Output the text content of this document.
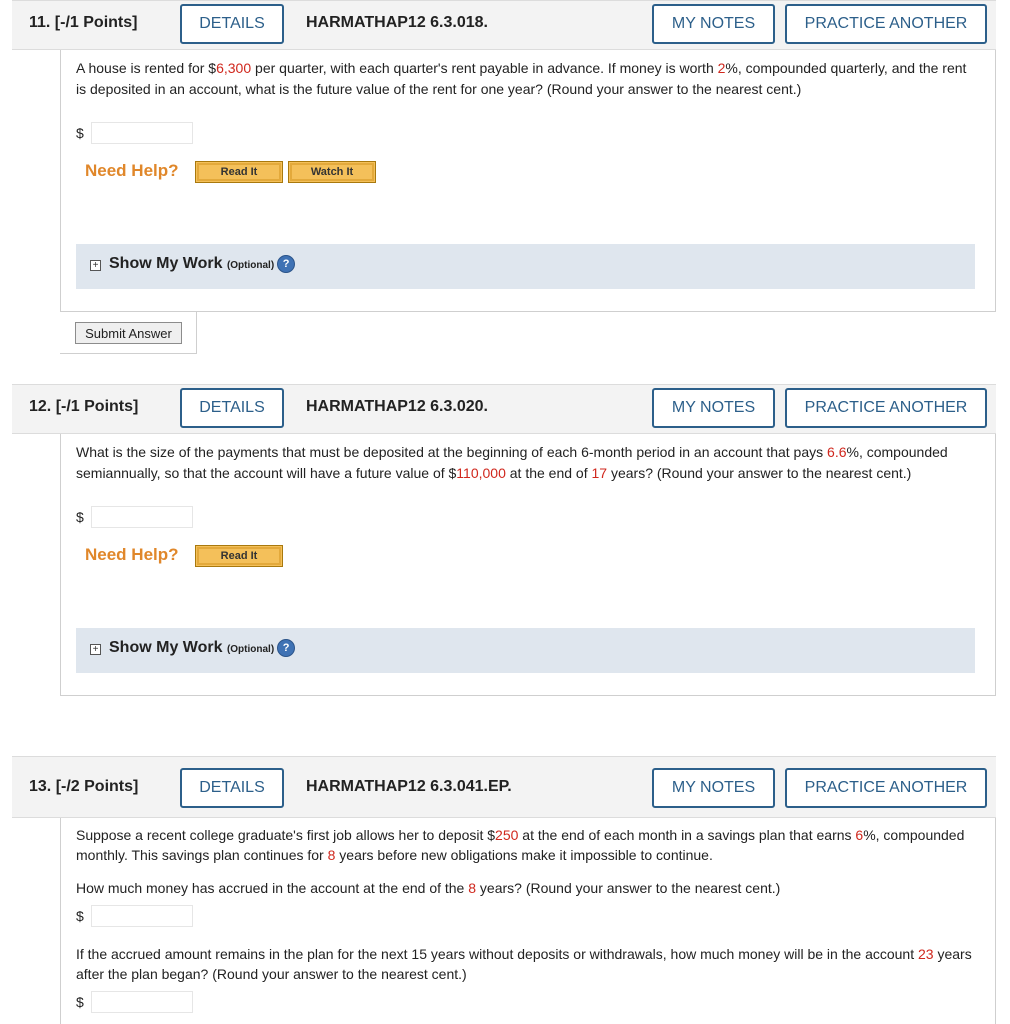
11. [-/1 Points]	DETAILS	HARMATHAP12 6.3.018.	MY NOTES	PRACTICE ANOTHER

A house is rented for $6,300 per quarter, with each quarter's rent payable in advance. If money is worth 2%, compounded quarterly, and the rent is deposited in an account, what is the future value of the rent for one year? (Round your answer to the nearest cent.)

$
Need Help?	Read It	Watch It
+ Show My Work (Optional) ?
Submit Answer
12. [-/1 Points]	DETAILS	HARMATHAP12 6.3.020.	MY NOTES	PRACTICE ANOTHER

What is the size of the payments that must be deposited at the beginning of each 6-month period in an account that pays 6.6%, compounded semiannually, so that the account will have a future value of $110,000 at the end of 17 years? (Round your answer to the nearest cent.)

$
Need Help?	Read It
+ Show My Work (Optional) ?
13. [-/2 Points]	DETAILS	HARMATHAP12 6.3.041.EP.	MY NOTES	PRACTICE ANOTHER

Suppose a recent college graduate's first job allows her to deposit $250 at the end of each month in a savings plan that earns 6%, compounded monthly. This savings plan continues for 8 years before new obligations make it impossible to continue.

How much money has accrued in the account at the end of the 8 years? (Round your answer to the nearest cent.)

$

If the accrued amount remains in the plan for the next 15 years without deposits or withdrawals, how much money will be in the account 23 years after the plan began? (Round your answer to the nearest cent.)

$
